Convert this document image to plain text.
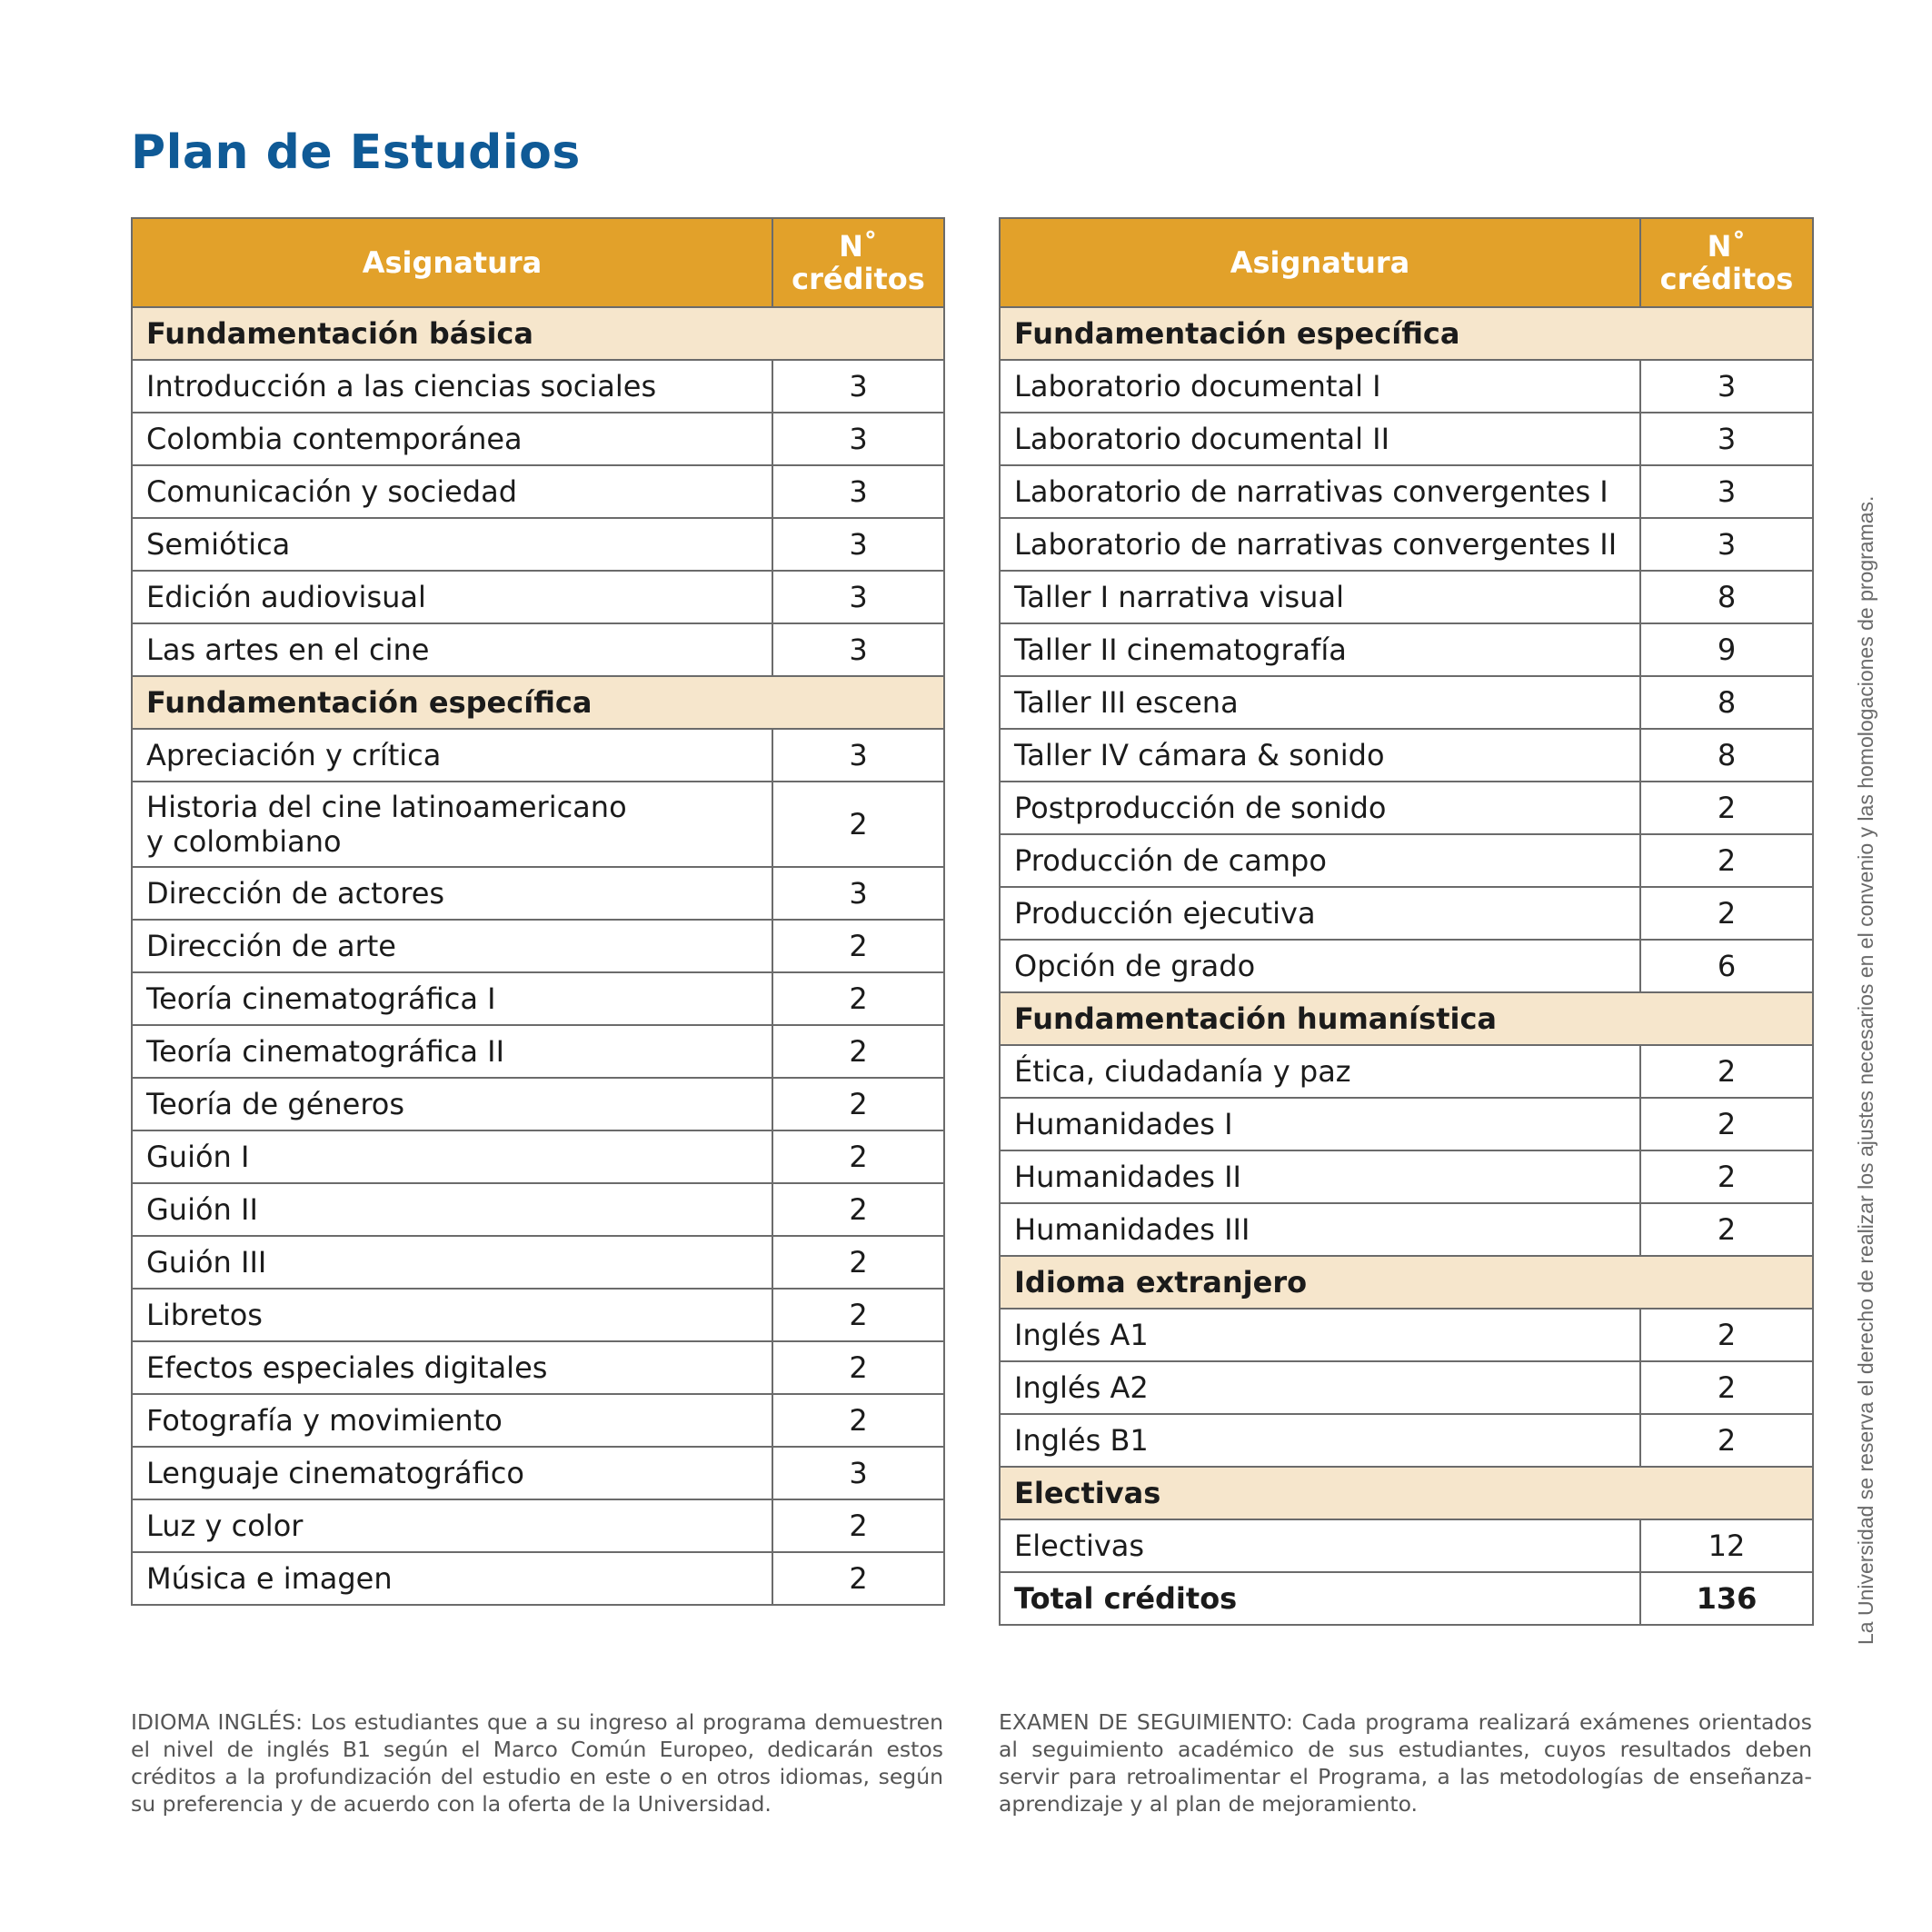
Plan de Estudios
Asignatura	N˚
créditos
Fundamentación básica	
Introducción a las ciencias sociales	3
Colombia contemporánea	3
Comunicación y sociedad	3
Semiótica	3
Edición audiovisual	3
Las artes en el cine	3
Fundamentación específica	
Apreciación y crítica	3
Historia del cine latinoamericano
y colombiano	2
Dirección de actores	3
Dirección de arte	2
Teoría cinematográfica I	2
Teoría cinematográfica II	2
Teoría de géneros	2
Guión I	2
Guión II	2
Guión III	2
Libretos	2
Efectos especiales digitales	2
Fotografía y movimiento	2
Lenguaje cinematográfico	3
Luz y color	2
Música e imagen	2
Asignatura	N˚
créditos
Fundamentación específica	
Laboratorio documental I	3
Laboratorio documental II	3
Laboratorio de narrativas convergentes I	3
Laboratorio de narrativas convergentes II	3
Taller I narrativa visual	8
Taller II cinematografía	9
Taller III escena	8
Taller IV cámara & sonido	8
Postproducción de sonido	2
Producción de campo	2
Producción ejecutiva	2
Opción de grado	6
Fundamentación humanística	
Ética, ciudadanía y paz	2
Humanidades I	2
Humanidades II	2
Humanidades III	2
Idioma extranjero	
Inglés A1	2
Inglés A2	2
Inglés B1	2
Electivas	
Electivas	12
Total créditos	136
IDIOMA INGLÉS: Los estudiantes que a su ingreso al programa demuestren el nivel de inglés B1 según el Marco Común Europeo, dedicarán estos créditos a la profundización del estudio en este o en otros idiomas, según su preferencia y de acuerdo con la oferta de la Universidad.
EXAMEN DE SEGUIMIENTO: Cada programa realizará exámenes orientados al seguimiento académico de sus estudiantes, cuyos resultados deben servir para retroalimentar el Programa, a las metodologías de enseñanza-aprendizaje y al plan de mejoramiento.
La Universidad se reserva el derecho de realizar los ajustes necesarios en el convenio y las homologaciones de programas.
